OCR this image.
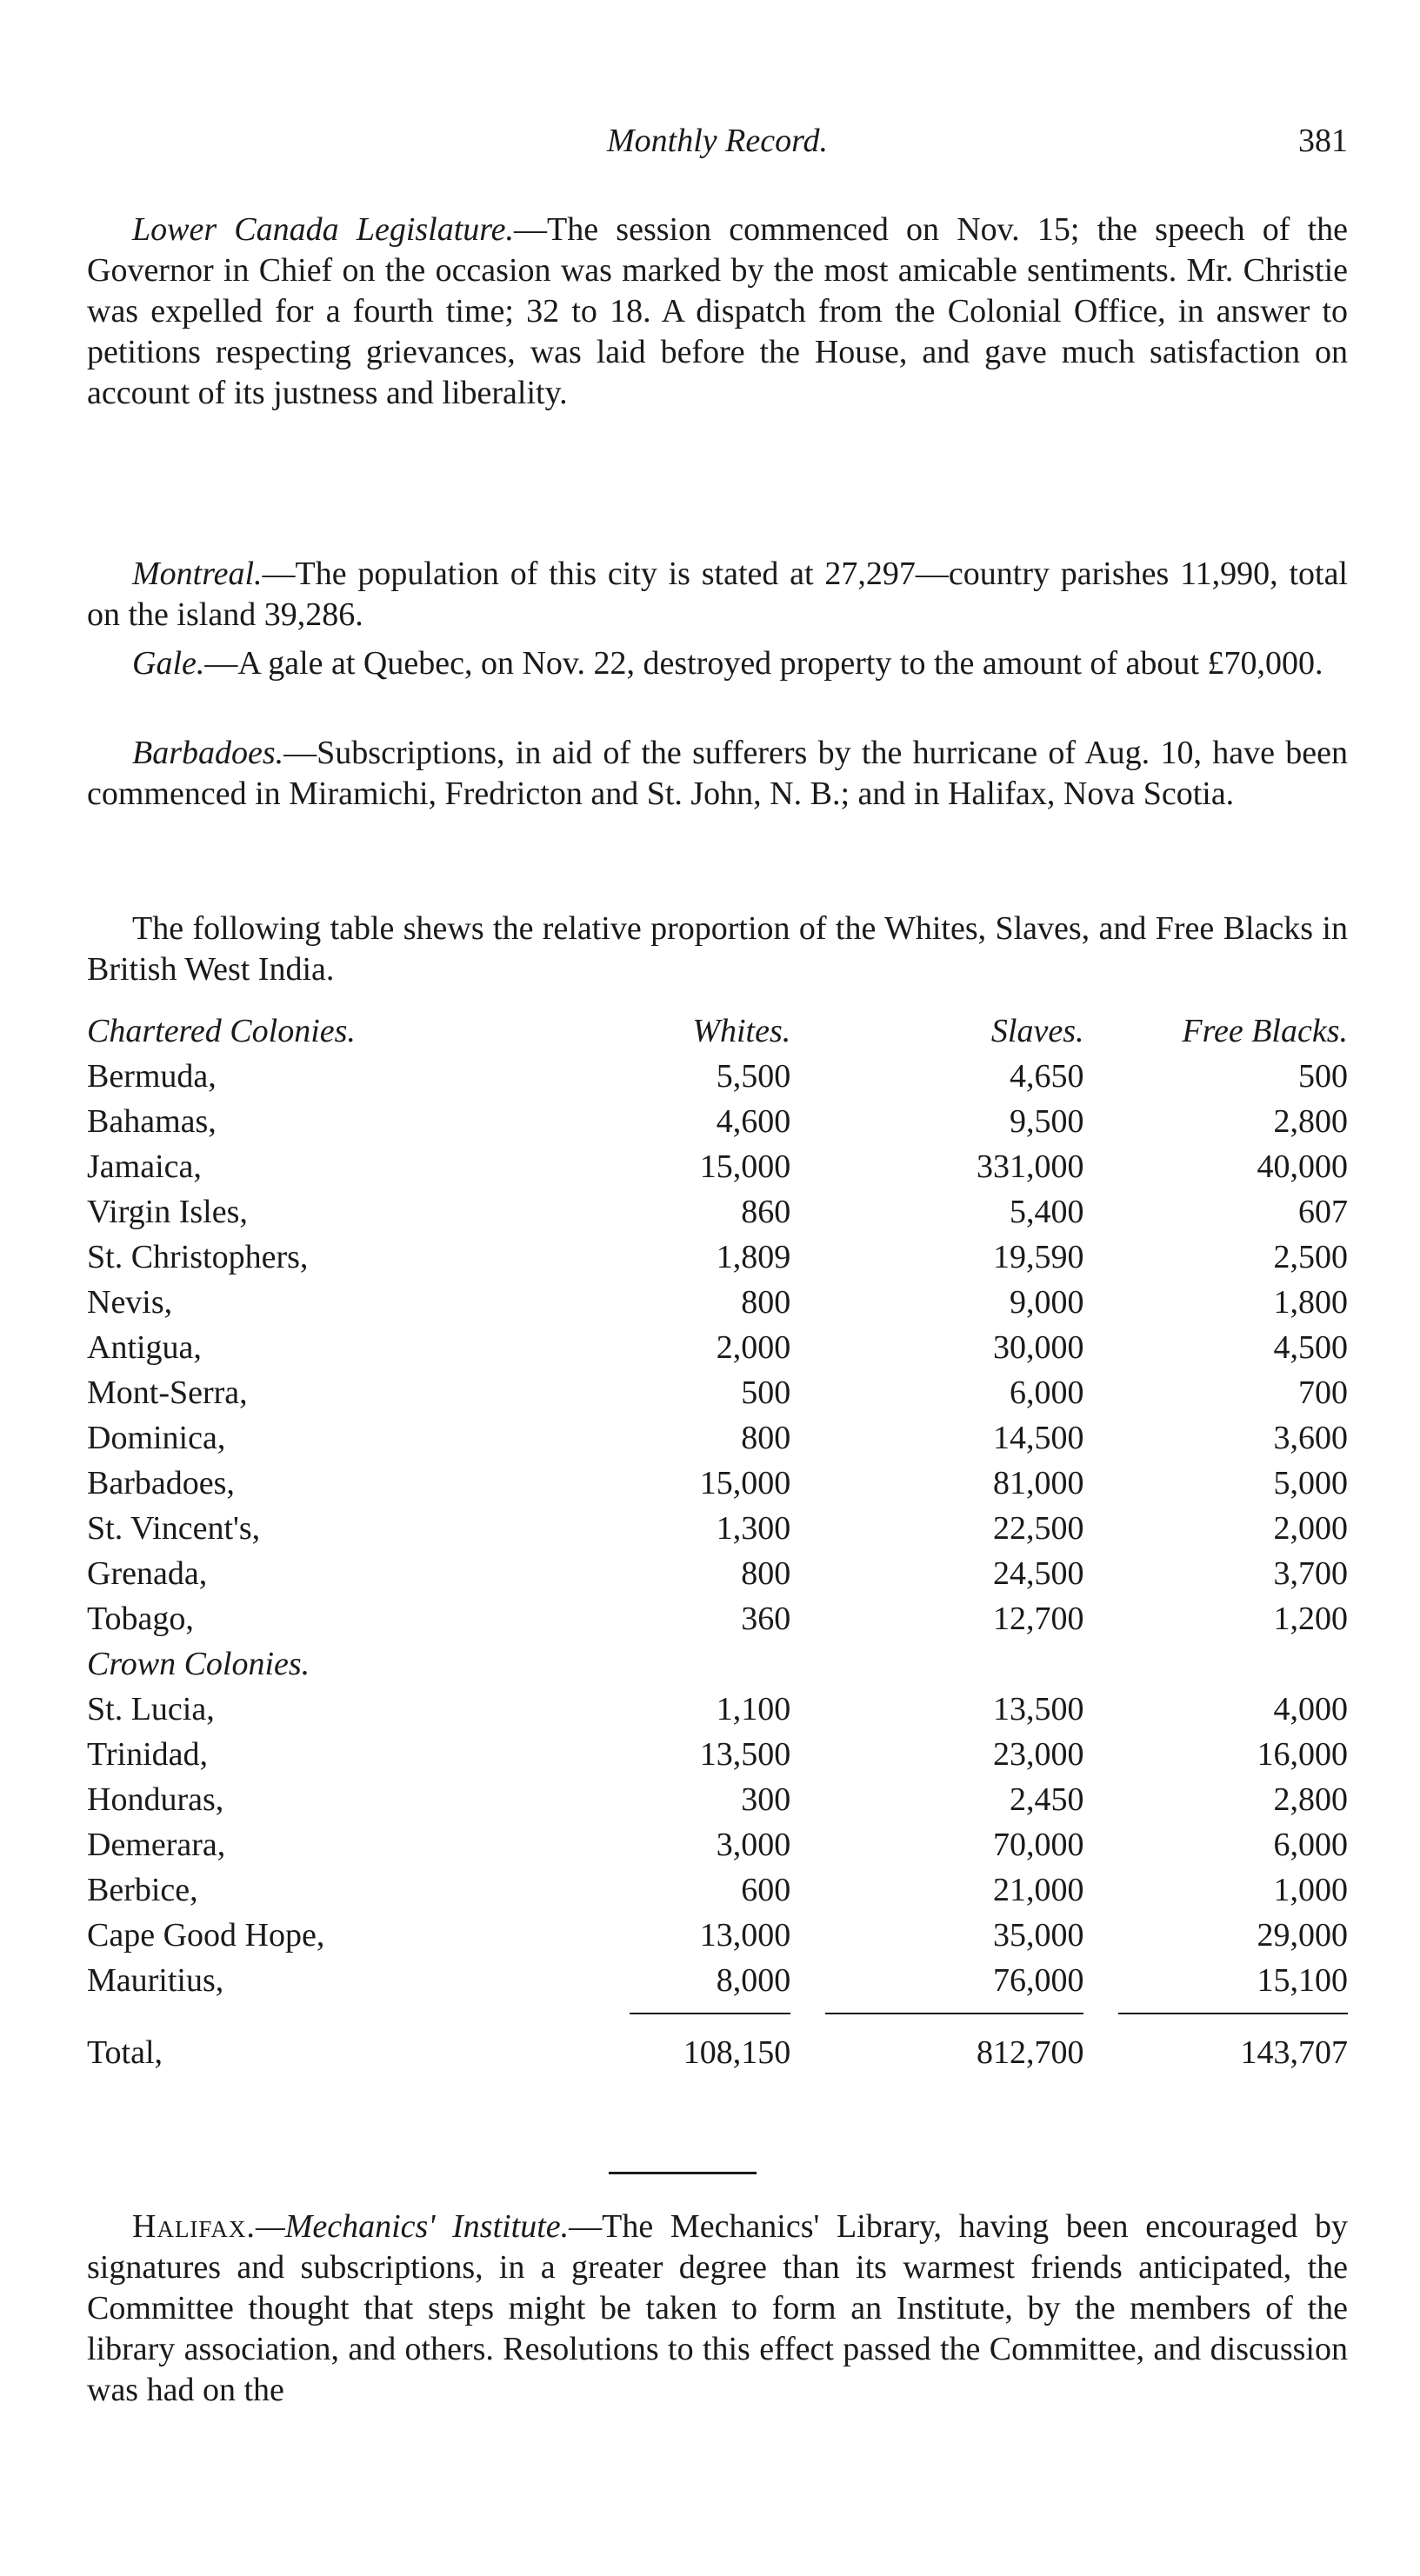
Monthly Record.	381

Lower Canada Legislature.—The session commenced on Nov. 15; the speech of the Governor in Chief on the occasion was marked by the most amicable sentiments. Mr. Christie was expelled for a fourth time; 32 to 18. A dispatch from the Colonial Office, in answer to petitions respecting grievances, was laid before the House, and gave much satisfaction on account of its justness and liberality.

Montreal.—The population of this city is stated at 27,297—country parishes 11,990, total on the island 39,286.

Gale.—A gale at Quebec, on Nov. 22, destroyed property to the amount of about £70,000.

Barbadoes.—Subscriptions, in aid of the sufferers by the hurricane of Aug. 10, have been commenced in Miramichi, Fredricton and St. John, N. B.; and in Halifax, Nova Scotia.

The following table shews the relative proportion of the Whites, Slaves, and Free Blacks in British West India.

Chartered Colonies.	Whites.	Slaves.	Free Blacks.
Bermuda,	5,500	4,650	500
Bahamas,	4,600	9,500	2,800
Jamaica,	15,000	331,000	40,000
Virgin Isles,	860	5,400	607
St. Christophers,	1,809	19,590	2,500
Nevis,	800	9,000	1,800
Antigua,	2,000	30,000	4,500
Mont-Serra,	500	6,000	700
Dominica,	800	14,500	3,600
Barbadoes,	15,000	81,000	5,000
St. Vincent's,	1,300	22,500	2,000
Grenada,	800	24,500	3,700
Tobago,	360	12,700	1,200
Crown Colonies.			
St. Lucia,	1,100	13,500	4,000
Trinidad,	13,500	23,000	16,000
Honduras,	300	2,450	2,800
Demerara,	3,000	70,000	6,000
Berbice,	600	21,000	1,000
Cape Good Hope,	13,000	35,000	29,000
Mauritius,	8,000	76,000	15,100

Total,	108,150	812,700	143,707

Halifax.—Mechanics' Institute.—The Mechanics' Library, having been encouraged by signatures and subscriptions, in a greater degree than its warmest friends anticipated, the Committee thought that steps might be taken to form an Institute, by the members of the library association, and others. Resolutions to this effect passed the Committee, and discussion was had on the
